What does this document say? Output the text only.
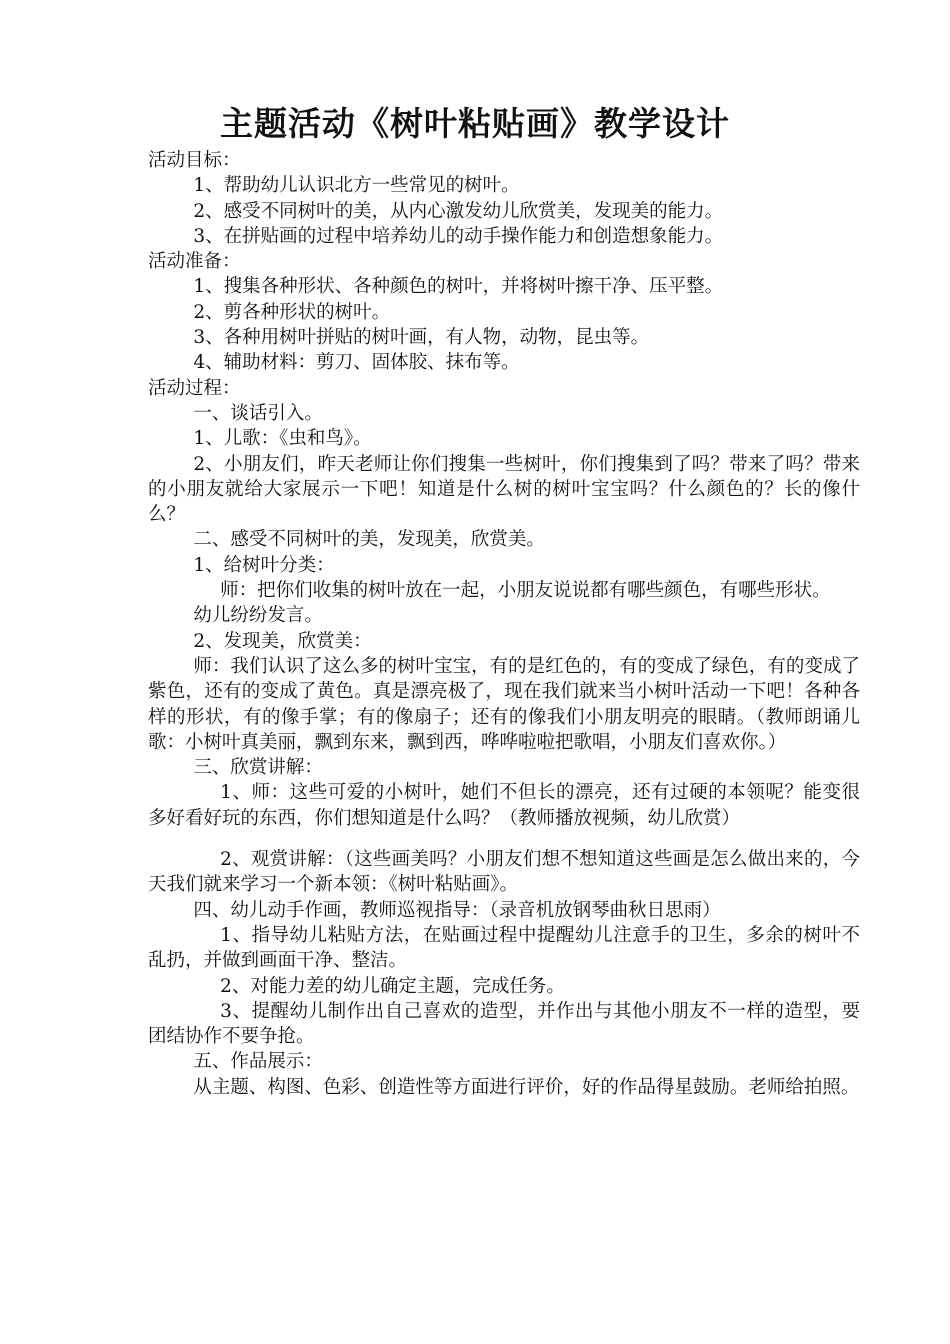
主题活动《树叶粘贴画》教学设计

活动目标：

1、帮助幼儿认识北方一些常见的树叶。

2、感受不同树叶的美，从内心激发幼儿欣赏美，发现美的能力。

3、在拼贴画的过程中培养幼儿的动手操作能力和创造想象能力。

活动准备：

1、搜集各种形状、各种颜色的树叶，并将树叶擦干净、压平整。

2、剪各种形状的树叶。

3、各种用树叶拼贴的树叶画，有人物，动物，昆虫等。

4、辅助材料：剪刀、固体胶、抹布等。

活动过程：

一、谈话引入。

1、儿歌：《虫和鸟》。

2、小朋友们，昨天老师让你们搜集一些树叶，你们搜集到了吗？带来了吗？带来的小朋友就给大家展示一下吧！知道是什么树的树叶宝宝吗？什么颜色的？长的像什么？

二、感受不同树叶的美，发现美，欣赏美。

1、给树叶分类：

师：把你们收集的树叶放在一起，小朋友说说都有哪些颜色，有哪些形状。

幼儿纷纷发言。

2、发现美，欣赏美：

师：我们认识了这么多的树叶宝宝，有的是红色的，有的变成了绿色，有的变成了紫色，还有的变成了黄色。真是漂亮极了，现在我们就来当小树叶活动一下吧！各种各样的形状，有的像手掌；有的像扇子；还有的像我们小朋友明亮的眼睛。（教师朗诵儿歌：小树叶真美丽，飘到东来，飘到西，哗哗啦啦把歌唱，小朋友们喜欢你。）

三、欣赏讲解：

1、师：这些可爱的小树叶，她们不但长的漂亮，还有过硬的本领呢？能变很多好看好玩的东西，你们想知道是什么吗？（教师播放视频，幼儿欣赏）

2、观赏讲解：（这些画美吗？小朋友们想不想知道这些画是怎么做出来的，今天我们就来学习一个新本领：《树叶粘贴画》。

四、幼儿动手作画，教师巡视指导：（录音机放钢琴曲秋日思雨）

1、指导幼儿粘贴方法，在贴画过程中提醒幼儿注意手的卫生，多余的树叶不乱扔，并做到画面干净、整洁。

2、对能力差的幼儿确定主题，完成任务。

3、提醒幼儿制作出自己喜欢的造型，并作出与其他小朋友不一样的造型，要团结协作不要争抢。

五、作品展示：

从主题、构图、色彩、创造性等方面进行评价，好的作品得星鼓励。老师给拍照。
